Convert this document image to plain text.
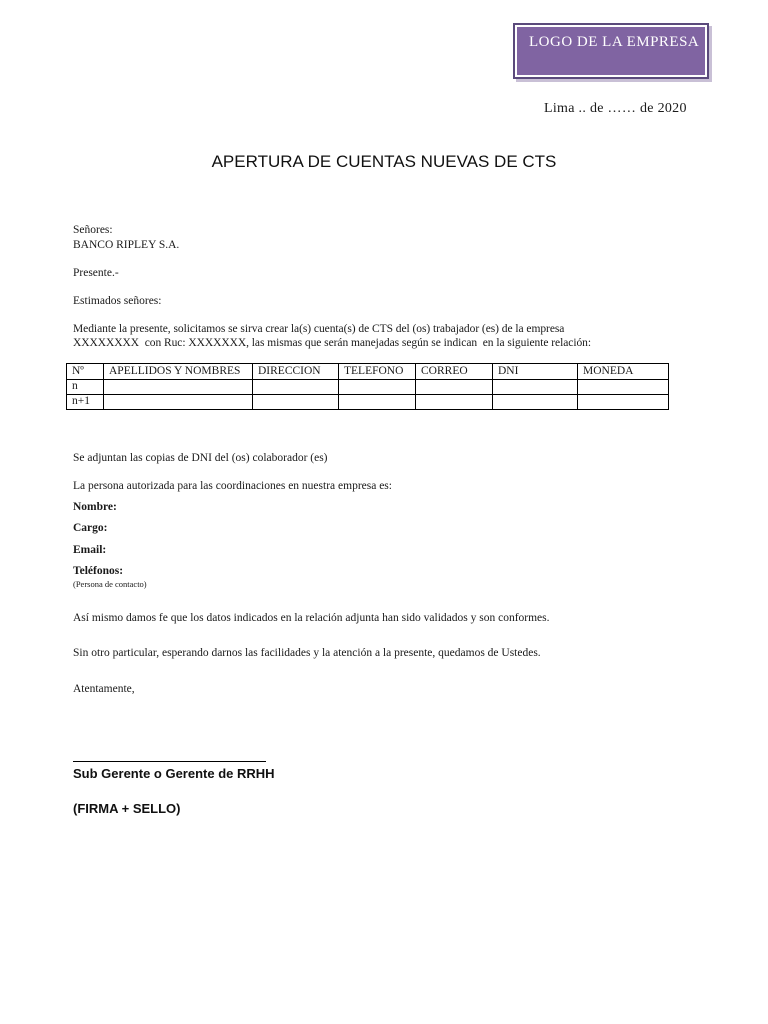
LOGO DE LA EMPRESA
Lima .. de …… de 2020
APERTURA DE CUENTAS NUEVAS DE CTS
Señores:
BANCO RIPLEY S.A.
Presente.-
Estimados señores:
Mediante la presente, solicitamos se sirva crear la(s) cuenta(s) de CTS del (os) trabajador (es) de la empresa
XXXXXXXX  con Ruc: XXXXXXX, las mismas que serán manejadas según se indican  en la siguiente relación:
Nº	APELLIDOS Y NOMBRES	DIRECCION	TELEFONO	CORREO	DNI	MONEDA
n						
n+1						
Se adjuntan las copias de DNI del (os) colaborador (es)
La persona autorizada para las coordinaciones en nuestra empresa es:
Nombre:
Cargo:
Email:
Teléfonos:
(Persona de contacto)
Así mismo damos fe que los datos indicados en la relación adjunta han sido validados y son conformes.
Sin otro particular, esperando darnos las facilidades y la atención a la presente, quedamos de Ustedes.
Atentamente,
Sub Gerente o Gerente de RRHH
(FIRMA + SELLO)
